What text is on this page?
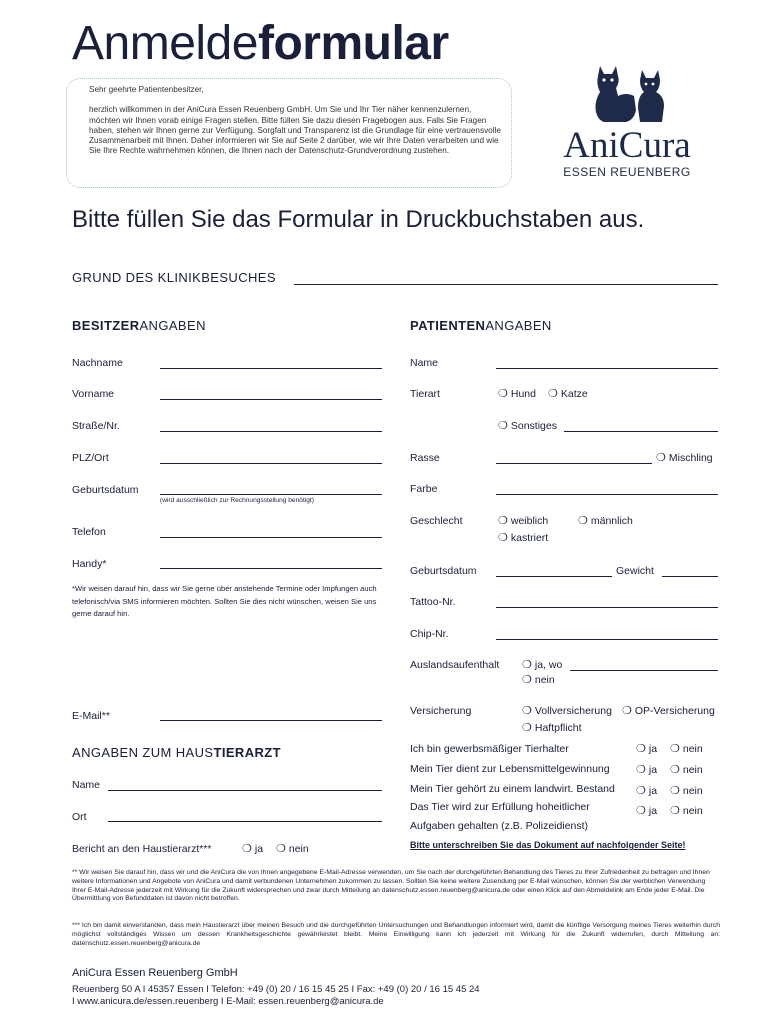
Anmeldeformular

Sehr geehrte Patientenbesitzer,

herzlich willkommen in der AniCura Essen Reuenberg GmbH. Um Sie und Ihr Tier näher kennenzulernen, möchten wir Ihnen vorab einige Fragen stellen. Bitte füllen Sie dazu diesen Fragebogen aus. Falls Sie Fragen haben, stehen wir Ihnen gerne zur Verfügung. Sorgfalt und Transparenz ist die Grundlage für eine vertrauensvolle Zusammenarbeit mit Ihnen. Daher informieren wir Sie auf Seite 2 darüber, wie wir Ihre Daten verarbeiten und wie Sie Ihre Rechte wahrnehmen können, die Ihnen nach der Datenschutz-Grundverordnung zustehen.	AniCura
ESSEN REUENBERG
Bitte füllen Sie das Formular in Druckbuchstaben aus.
GRUND DES KLINIKBESUCHES
BESITZERANGABEN
Nachname
Vorname
Straße/Nr.
PLZ/Ort
Geburtsdatum
(wird ausschließlich zur Rechnungsstellung benötigt)
Telefon
Handy*
*Wir weisen darauf hin, dass wir Sie gerne über anstehende Termine oder Impfungen auch telefonisch/via SMS informieren möchten. Sollten Sie dies nicht wünschen, weisen Sie uns gerne darauf hin.
E-Mail**
ANGABEN ZUM HAUSTIERARZT
Name
Ort
Bericht an den Haustierarzt***	❍ ja ❍ nein
PATIENTENANGABEN
Name
Tierart	❍ Hund ❍ Katze
❍ Sonstiges
Rasse	❍ Mischling
Farbe
Geschlecht	❍ weiblich	❍ männlich
❍ kastriert
Geburtsdatum	Gewicht
Tattoo-Nr.
Chip-Nr.
Auslandsaufenthalt ❍ ja, wo
❍ nein
Versicherung	❍ Vollversicherung ❍ OP-Versicherung
❍ Haftpflicht
Ich bin gewerbsmäßiger Tierhalter	❍ ja ❍ nein
Mein Tier dient zur Lebensmittelgewinnung ❍ ja ❍ nein
Mein Tier gehört zu einem landwirt. Bestand ❍ ja ❍ nein
Das Tier wird zur Erfüllung hoheitlicher	❍ ja ❍ nein
Aufgaben gehalten (z.B. Polizeidienst)
Bitte unterschreiben Sie das Dokument auf nachfolgender Seite!
** Wir weisen Sie darauf hin, dass wir und die AniCura die von Ihnen angegebene E-Mail-Adresse verwenden, um Sie nach der durchgeführten Behandlung des Tieres zu Ihrer Zufriedenheit zu befragen und Ihnen weitere Informationen und Angebote von AniCura und damit verbundenen Unternehmen zukommen zu lassen. Sollten Sie keine weitere Zusendung per E-Mail wünschen, können Sie der werblichen Verwendung Ihrer E-Mail-Adresse jederzeit mit Wirkung für die Zukunft widersprechen und zwar durch Mitteilung an datenschutz.essen.reuenberg@anicura.de oder einen Klick auf den Abmeldelink am Ende jeder E-Mail. Die Übermittlung von Befunddaten ist davon nicht betroffen.
*** Ich bin damit einverstanden, dass mein Haustierarzt über meinen Besuch und die durchgeführten Untersuchungen und Behandlungen informiert wird, damit die künftige Versorgung meines Tieres weiterhin durch möglichst vollständiges Wissen um dessen Krankheitsgeschichte gewährleistet bleibt. Meine Einwilligung kann ich jederzeit mit Wirkung für die Zukunft widerrufen, durch Mitteilung an: datenschutz.essen.reuenberg@anicura.de
AniCura Essen Reuenberg GmbH
Reuenberg 50 A I 45357 Essen I Telefon: +49 (0) 20 / 16 15 45 25 I Fax: +49 (0) 20 / 16 15 45 24
I www.anicura.de/essen.reuenberg I E-Mail: essen.reuenberg@anicura.de
